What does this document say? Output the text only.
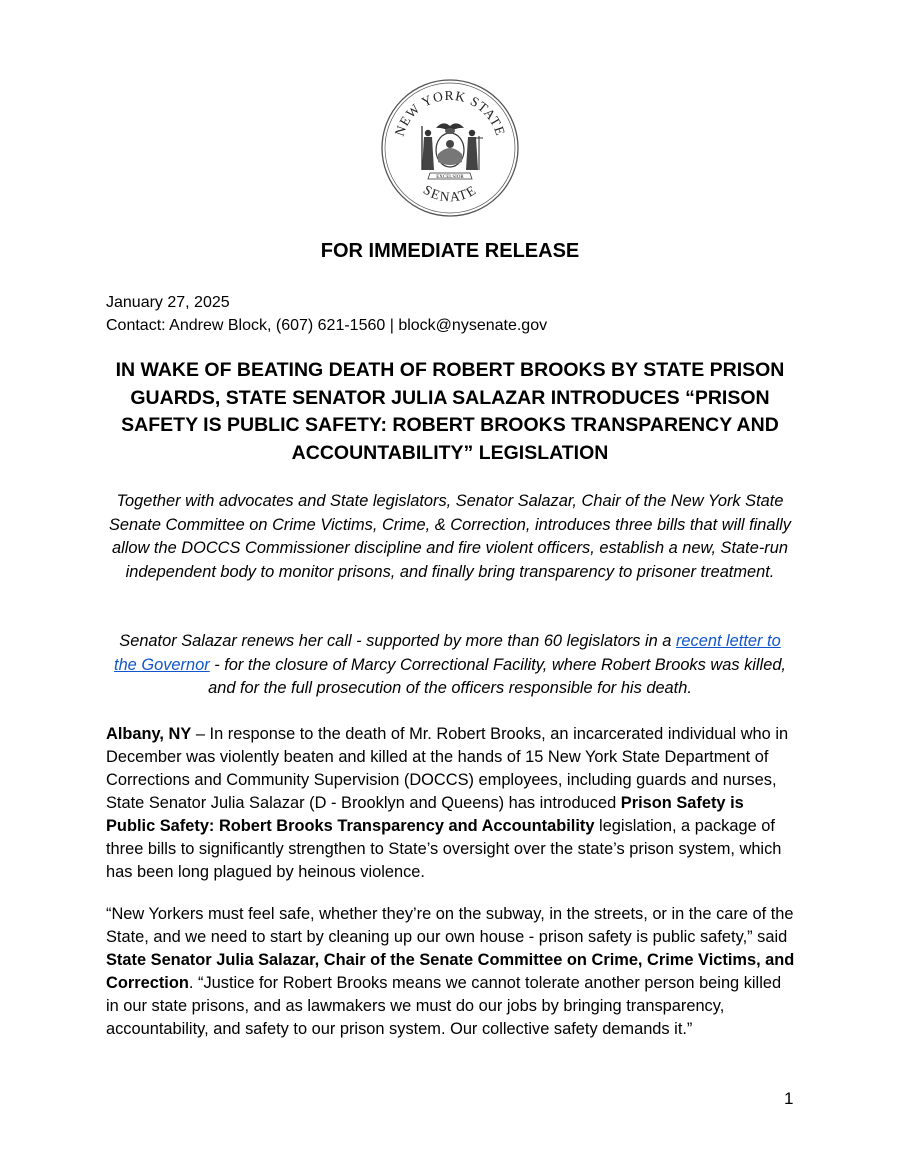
NEW YORK STATE
SENATE
EXCELSIOR
FOR IMMEDIATE RELEASE
January 27, 2025
Contact: Andrew Block, (607) 621-1560 | block@nysenate.gov
IN WAKE OF BEATING DEATH OF ROBERT BROOKS BY STATE PRISON GUARDS, STATE SENATOR JULIA SALAZAR INTRODUCES “PRISON SAFETY IS PUBLIC SAFETY: ROBERT BROOKS TRANSPARENCY AND ACCOUNTABILITY” LEGISLATION

Together with advocates and State legislators, Senator Salazar, Chair of the New York State Senate Committee on Crime Victims, Crime, & Correction, introduces three bills that will finally allow the DOCCS Commissioner discipline and fire violent officers, establish a new, State-run independent body to monitor prisons, and finally bring transparency to prisoner treatment.

Senator Salazar renews her call - supported by more than 60 legislators in a recent letter to the Governor - for the closure of Marcy Correctional Facility, where Robert Brooks was killed, and for the full prosecution of the officers responsible for his death.

Albany, NY – In response to the death of Mr. Robert Brooks, an incarcerated individual who in December was violently beaten and killed at the hands of 15 New York State Department of Corrections and Community Supervision (DOCCS) employees, including guards and nurses, State Senator Julia Salazar (D - Brooklyn and Queens) has introduced Prison Safety is Public Safety: Robert Brooks Transparency and Accountability legislation, a package of three bills to significantly strengthen to State’s oversight over the state’s prison system, which has been long plagued by heinous violence.

“New Yorkers must feel safe, whether they’re on the subway, in the streets, or in the care of the State, and we need to start by cleaning up our own house - prison safety is public safety,” said State Senator Julia Salazar, Chair of the Senate Committee on Crime, Crime Victims, and Correction. “Justice for Robert Brooks means we cannot tolerate another person being killed in our state prisons, and as lawmakers we must do our jobs by bringing transparency, accountability, and safety to our prison system. Our collective safety demands it.”

1
